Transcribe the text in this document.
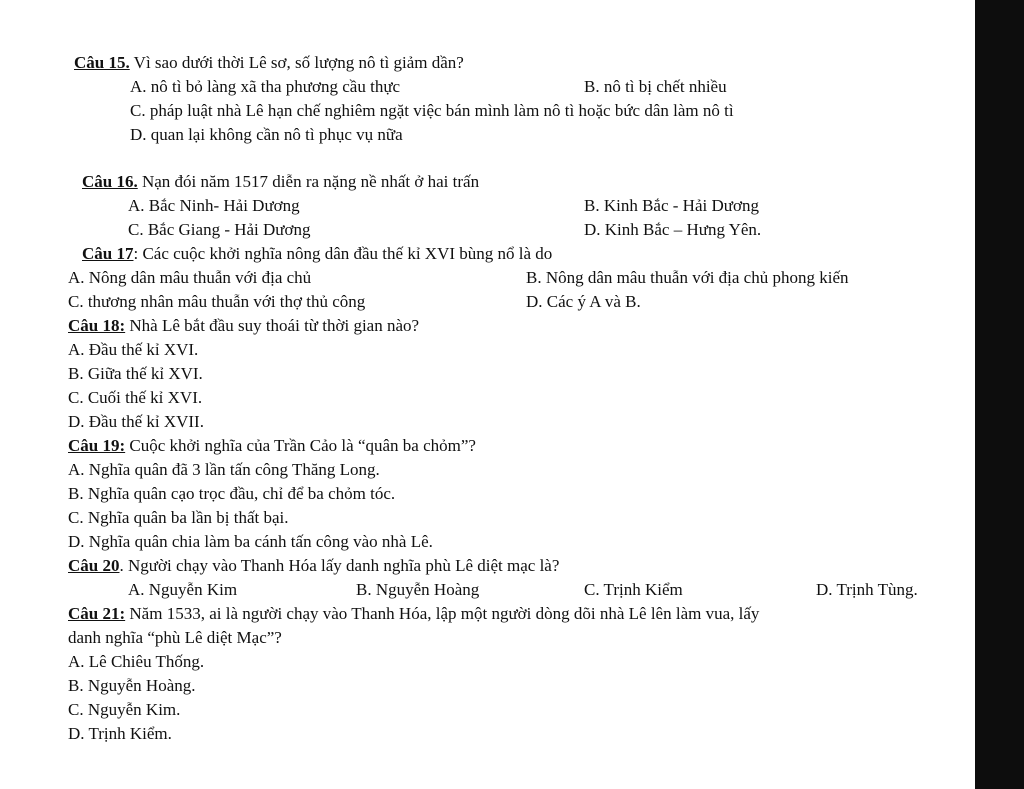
Câu 15. Vì sao dưới thời Lê sơ, số lượng nô tì giảm dần?
A. nô tì bỏ làng xã tha phương cầu thực	B. nô tì bị chết nhiều
C. pháp luật nhà Lê hạn chế nghiêm ngặt việc bán mình làm nô tì hoặc bức dân làm nô tì
D. quan lại không cần nô tì phục vụ nữa
Câu 16. Nạn đói năm 1517 diễn ra nặng nề nhất ở hai trấn
A. Bắc Ninh- Hải Dương	B. Kinh Bắc - Hải Dương
C. Bắc Giang - Hải Dương	D. Kinh Bắc – Hưng Yên.
Câu 17: Các cuộc khởi nghĩa nông dân đầu thế kỉ XVI bùng nổ là do
A. Nông dân mâu thuẫn với địa chủ	B. Nông dân mâu thuẫn với địa chủ phong kiến
C. thương nhân mâu thuẫn với thợ thủ công	D. Các ý A và B.
Câu 18: Nhà Lê bắt đầu suy thoái từ thời gian nào?
A. Đầu thế kỉ XVI.
B. Giữa thế kỉ XVI.
C. Cuối thế kỉ XVI.
D. Đầu thế kỉ XVII.
Câu 19: Cuộc khởi nghĩa của Trần Cảo là “quân ba chỏm”?
A. Nghĩa quân đã 3 lần tấn công Thăng Long.
B. Nghĩa quân cạo trọc đầu, chỉ để ba chỏm tóc.
C. Nghĩa quân ba lần bị thất bại.
D. Nghĩa quân chia làm ba cánh tấn công vào nhà Lê.
Câu 20. Người chạy vào Thanh Hóa lấy danh nghĩa phù Lê diệt mạc là?
A. Nguyễn Kim	B. Nguyễn Hoàng	C. Trịnh Kiểm	D. Trịnh Tùng.
Câu 21: Năm 1533, ai là người chạy vào Thanh Hóa, lập một người dòng dõi nhà Lê lên làm vua, lấy
danh nghĩa “phù Lê diệt Mạc”?
A. Lê Chiêu Thống.
B. Nguyễn Hoàng.
C. Nguyễn Kim.
D. Trịnh Kiểm.
